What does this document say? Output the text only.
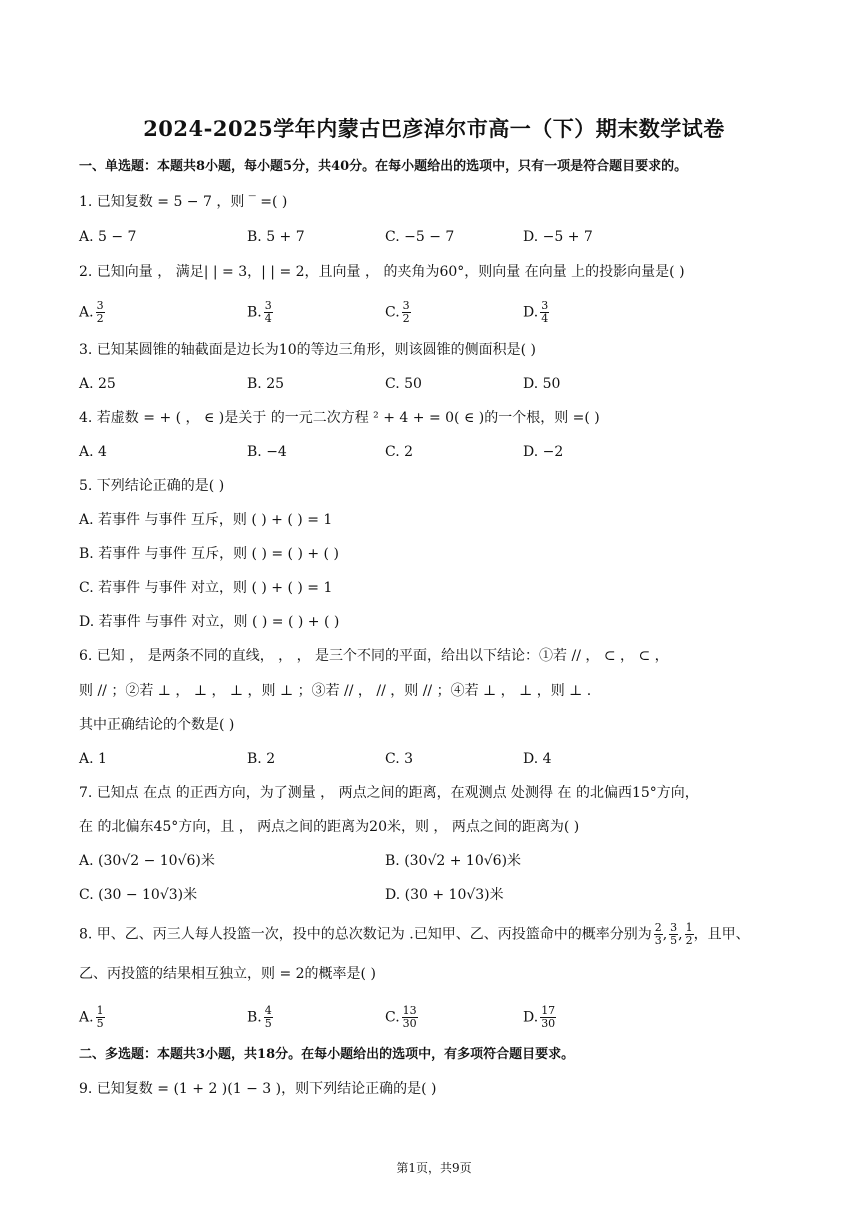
2024-2025学年内蒙古巴彦淖尔市高一（下）期末数学试卷
一、单选题：本题共8小题，每小题5分，共40分。在每小题给出的选项中，只有一项是符合题目要求的。
1. 已知复数 = 5 − 7 ，则 ‾ =( )
A. 5 − 7	B. 5 + 7	C. −5 − 7	D. −5 + 7
2. 已知向量 ， 满足| | = 3，| | = 2，且向量 ， 的夹角为60°，则向量 在向量 上的投影向量是( )
A. $\frac{3}{2}$	B. $\frac{3}{4}$	C. $\frac{3}{2}$	D. $\frac{3}{4}$
3. 已知某圆锥的轴截面是边长为10的等边三角形，则该圆锥的侧面积是( )
A. 25	B. 25	C. 50	D. 50
4. 若虚数 = + ( ， ∈ )是关于 的一元二次方程 ² + 4 + = 0( ∈ )的一个根，则 =( )
A. 4	B. −4	C. 2	D. −2
5. 下列结论正确的是( )
A. 若事件 与事件 互斥，则 ( ) + ( ) = 1
B. 若事件 与事件 互斥，则 ( ) = ( ) + ( )
C. 若事件 与事件 对立，则 ( ) + ( ) = 1
D. 若事件 与事件 对立，则 ( ) = ( ) + ( )
6. 已知 ， 是两条不同的直线， ， ， 是三个不同的平面，给出以下结论：①若 // ， ⊂ ， ⊂ ，
则 // ；②若 ⊥ ， ⊥ ， ⊥ ，则 ⊥ ；③若 // ， // ，则 // ；④若 ⊥ ， ⊥ ，则 ⊥ .
其中正确结论的个数是( )
A. 1	B. 2	C. 3	D. 4
7. 已知点 在点 的正西方向，为了测量 ， 两点之间的距离，在观测点 处测得 在 的北偏西15°方向，
在 的北偏东45°方向，且 ， 两点之间的距离为20米，则 ， 两点之间的距离为( )
A. (30√2 − 10√6)米	B. (30√2 + 10√6)米
C. (30 − 10√3)米	D. (30 + 10√3)米
8. 甲、乙、丙三人每人投篮一次，投中的总次数记为 .已知甲、乙、丙投篮命中的概率分别为 $\frac{2}{3}$ , $\frac{3}{5}$ , $\frac{1}{2}$ ，且甲、
乙、丙投篮的结果相互独立，则 = 2的概率是( )
A. $\frac{1}{5}$	B. $\frac{4}{5}$	C. $\frac{13}{30}$	D. $\frac{17}{30}$
二、多选题：本题共3小题，共18分。在每小题给出的选项中，有多项符合题目要求。
9. 已知复数 = (1 + 2 )(1 − 3 )，则下列结论正确的是( )
第1页，共9页
